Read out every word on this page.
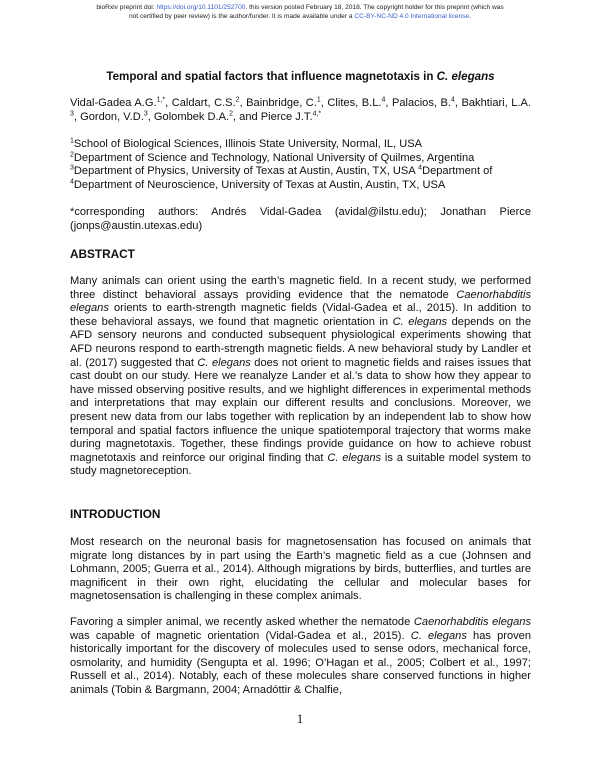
bioRxiv preprint doi: https://doi.org/10.1101/252700. this version posted February 18, 2018. The copyright holder for this preprint (which was
not certified by peer review) is the author/funder. It is made available under a CC-BY-NC-ND 4.0 International license.
Temporal and spatial factors that influence magnetotaxis in C. elegans
Vidal-Gadea A.G.$^{1,*}$, Caldart, C.S.$^2$, Bainbridge, C.$^1$, Clites, B.L.$^4$, Palacios, B.$^4$, Bakhtiari, L.A. $^3$, Gordon, V.D.$^3$, Golombek D.A.$^2$, and Pierce J.T.$^{4,*}$
$^1$School of Biological Sciences, Illinois State University, Normal, IL, USA
$^2$Department of Science and Technology, National University of Quilmes, Argentina
$^3$Department of Physics, University of Texas at Austin, Austin, TX, USA $^4$Department of
$^4$Department of Neuroscience, University of Texas at Austin, Austin, TX, USA
*corresponding authors: Andrés Vidal-Gadea (avidal@ilstu.edu); Jonathan Pierce (jonps@austin.utexas.edu)
ABSTRACT
Many animals can orient using the earth’s magnetic field. In a recent study, we performed three distinct behavioral assays providing evidence that the nematode Caenorhabditis elegans orients to earth-strength magnetic fields (Vidal-Gadea et al., 2015). In addition to these behavioral assays, we found that magnetic orientation in C. elegans depends on the AFD sensory neurons and conducted subsequent physiological experiments showing that AFD neurons respond to earth-strength magnetic fields. A new behavioral study by Landler et al. (2017) suggested that C. elegans does not orient to magnetic fields and raises issues that cast doubt on our study. Here we reanalyze Lander et al.’s data to show how they appear to have missed observing positive results, and we highlight differences in experimental methods and interpretations that may explain our different results and conclusions. Moreover, we present new data from our labs together with replication by an independent lab to show how temporal and spatial factors influence the unique spatiotemporal trajectory that worms make during magnetotaxis. Together, these findings provide guidance on how to achieve robust magnetotaxis and reinforce our original finding that C. elegans is a suitable model system to study magnetoreception.
INTRODUCTION
Most research on the neuronal basis for magnetosensation has focused on animals that migrate long distances by in part using the Earth’s magnetic field as a cue (Johnsen and Lohmann, 2005; Guerra et al., 2014). Although migrations by birds, butterflies, and turtles are magnificent in their own right, elucidating the cellular and molecular bases for magnetosensation is challenging in these complex animals.
Favoring a simpler animal, we recently asked whether the nematode Caenorhabditis elegans was capable of magnetic orientation (Vidal-Gadea et al., 2015). C. elegans has proven historically important for the discovery of molecules used to sense odors, mechanical force, osmolarity, and humidity (Sengupta et al. 1996; O’Hagan et al., 2005; Colbert et al., 1997; Russell et al., 2014). Notably, each of these molecules share conserved functions in higher animals (Tobin & Bargmann, 2004; Arnadóttir & Chalfie,
1
